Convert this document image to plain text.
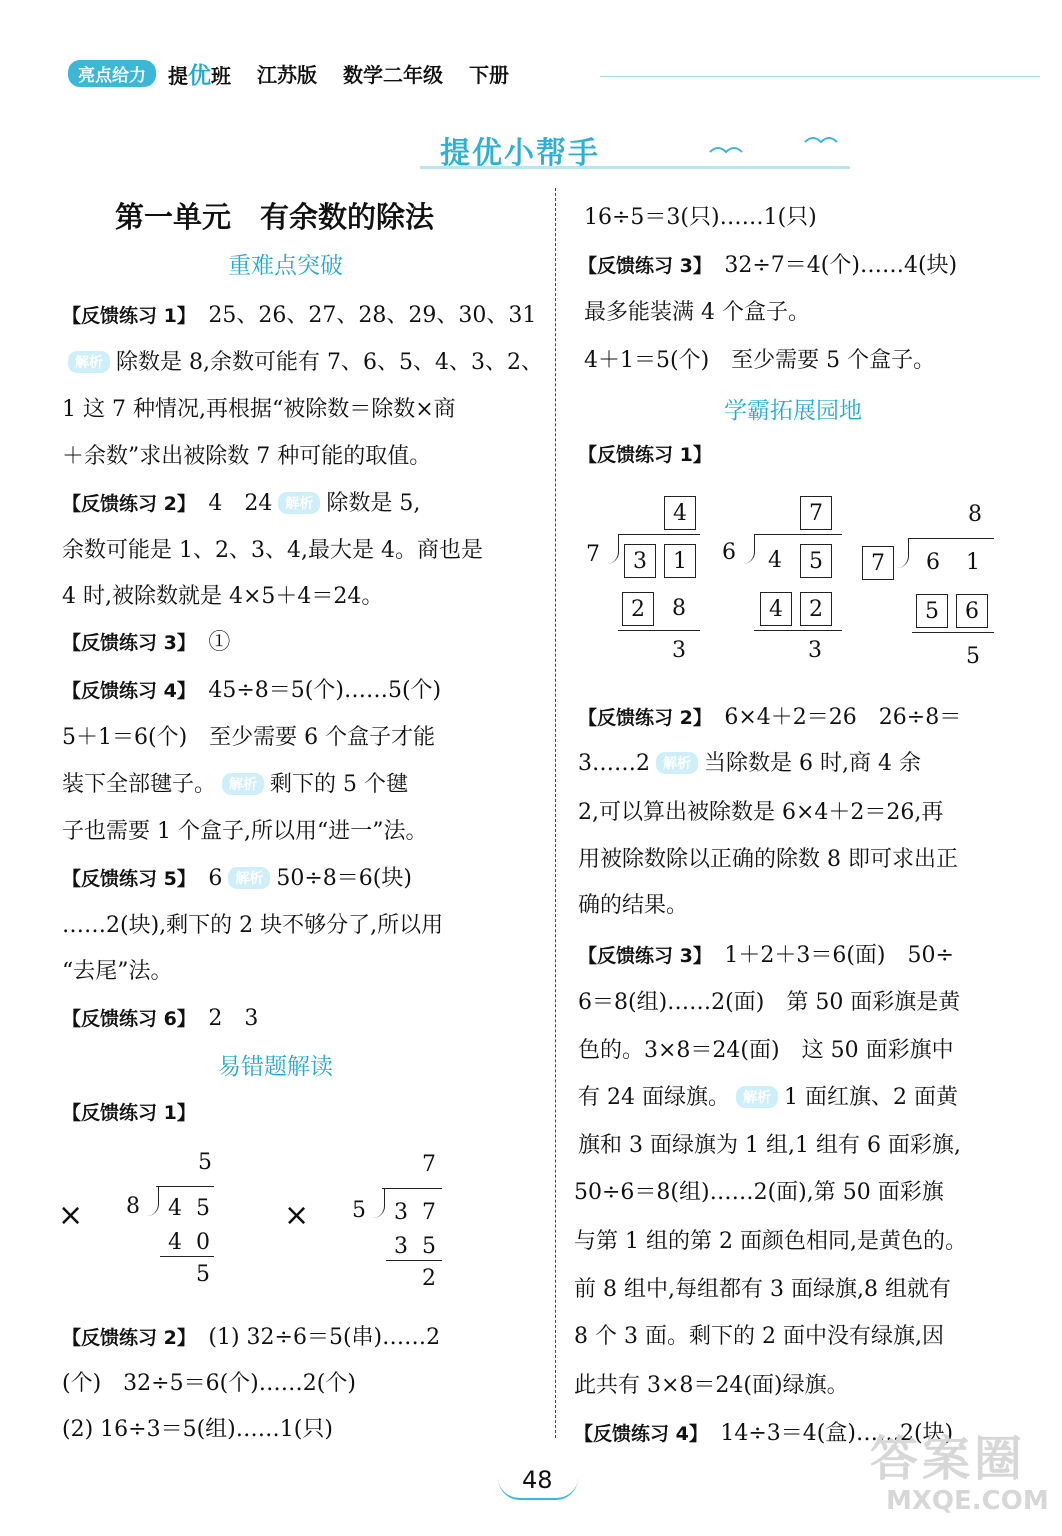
亮点给力	提优班 江苏版 数学二年级 下册
提优小帮手
第一单元　有余数的除法
重难点突破
【反馈练习 1】　 25、26、27、28、29、30、31
解析 除数是 8,余数可能有 7、6、5、4、3、2、
1 这 7 种情况,再根据“被除数＝除数×商
＋余数”求出被除数 7 种可能的取值。
【反馈练习 2】　 4　24 解析 除数是 5,
余数可能是 1、2、3、4,最大是 4。商也是
4 时,被除数就是 4×5＋4＝24。
【反馈练习 3】　 ①
【反馈练习 4】　 45÷8＝5(个)……5(个)
5＋1＝6(个)　至少需要 6 个盒子才能
装下全部毽子。 解析 剩下的 5 个毽
子也需要 1 个盒子,所以用“进一”法。
【反馈练习 5】　 6 解析 50÷8＝6(块)
……2(块),剩下的 2 块不够分了,所以用
“去尾”法。
【反馈练习 6】　 2　3
易错题解读
【反馈练习 1】
×
5
8 4 5
4 0
5
×
7
5 3 7
3 5
2
【反馈练习 2】　 (1) 32÷6＝5(串)……2
(个)　32÷5＝6(个)……2(个)
(2) 16÷3＝5(组)……1(只)
16÷5＝3(只)……1(只)
【反馈练习 3】　 32÷7＝4(个)……4(块)
最多能装满 4 个盒子。
4＋1＝5(个)　至少需要 5 个盒子。
学霸拓展园地
【反馈练习 1】
4
7	3	1
2	8
3
7
6 4	5
4	2
3
8
7	6 1
5	6
5
【反馈练习 2】　 6×4＋2＝26　26÷8＝
3……2 解析 当除数是 6 时,商 4 余
2,可以算出被除数是 6×4＋2＝26,再
用被除数除以正确的除数 8 即可求出正
确的结果。
【反馈练习 3】　 1＋2＋3＝6(面)　50÷
6＝8(组)……2(面)　第 50 面彩旗是黄
色的。3×8＝24(面)　这 50 面彩旗中
有 24 面绿旗。 解析 1 面红旗、2 面黄
旗和 3 面绿旗为 1 组,1 组有 6 面彩旗,
50÷6＝8(组)……2(面),第 50 面彩旗
与第 1 组的第 2 面颜色相同,是黄色的。
前 8 组中,每组都有 3 面绿旗,8 组就有
8 个 3 面。剩下的 2 面中没有绿旗,因
此共有 3×8＝24(面)绿旗。
【反馈练习 4】　 14÷3＝4(盒)……2(块)
48	答案圈
MXQE.COM
